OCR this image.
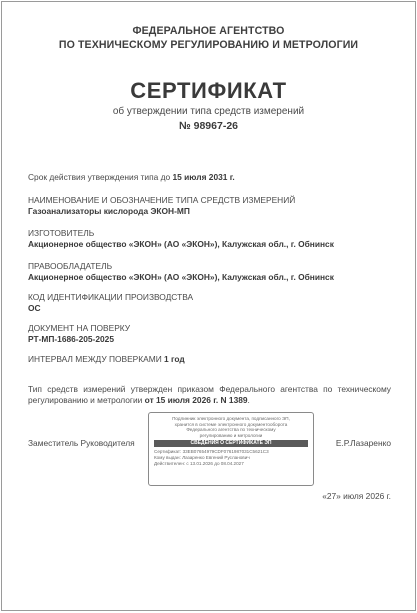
ФЕДЕРАЛЬНОЕ АГЕНТСТВО
ПО ТЕХНИЧЕСКОМУ РЕГУЛИРОВАНИЮ И МЕТРОЛОГИИ
СЕРТИФИКАТ
об утверждении типа средств измерений
№ 98967-26
Срок действия утверждения типа до 15 июля 2031 г.
НАИМЕНОВАНИЕ И ОБОЗНАЧЕНИЕ ТИПА СРЕДСТВ ИЗМЕРЕНИЙ
Газоанализаторы кислорода ЭКОН-МП
ИЗГОТОВИТЕЛЬ
Акционерное общество «ЭКОН» (АО «ЭКОН»), Калужская обл., г. Обнинск
ПРАВООБЛАДАТЕЛЬ
Акционерное общество «ЭКОН» (АО «ЭКОН»), Калужская обл., г. Обнинск
КОД ИДЕНТИФИКАЦИИ ПРОИЗВОДСТВА
ОС
ДОКУМЕНТ НА ПОВЕРКУ
РТ-МП-1686-205-2025
ИНТЕРВАЛ МЕЖДУ ПОВЕРКАМИ 1 год
Тип средств измерений утвержден приказом Федерального агентства по техническому регулированию и метрологии от 15 июля 2026 г. N 1389.
Заместитель Руководителя	Е.Р.Лазаренко
Подлинник электронного документа, подписанного ЭП,
хранится в системе электронного документооборота
Федерального агентства по техническому
регулированию и метрологии
СВЕДЕНИЯ О СЕРТИФИКАТЕ ЭП
Сертификат: 33EB07654979CDF0761987031C5621C3
Кому выдан: Лазаренко Евгений Русланович
Действителен: с 13.01.2026 до 08.04.2027
«27» июля 2026 г.
